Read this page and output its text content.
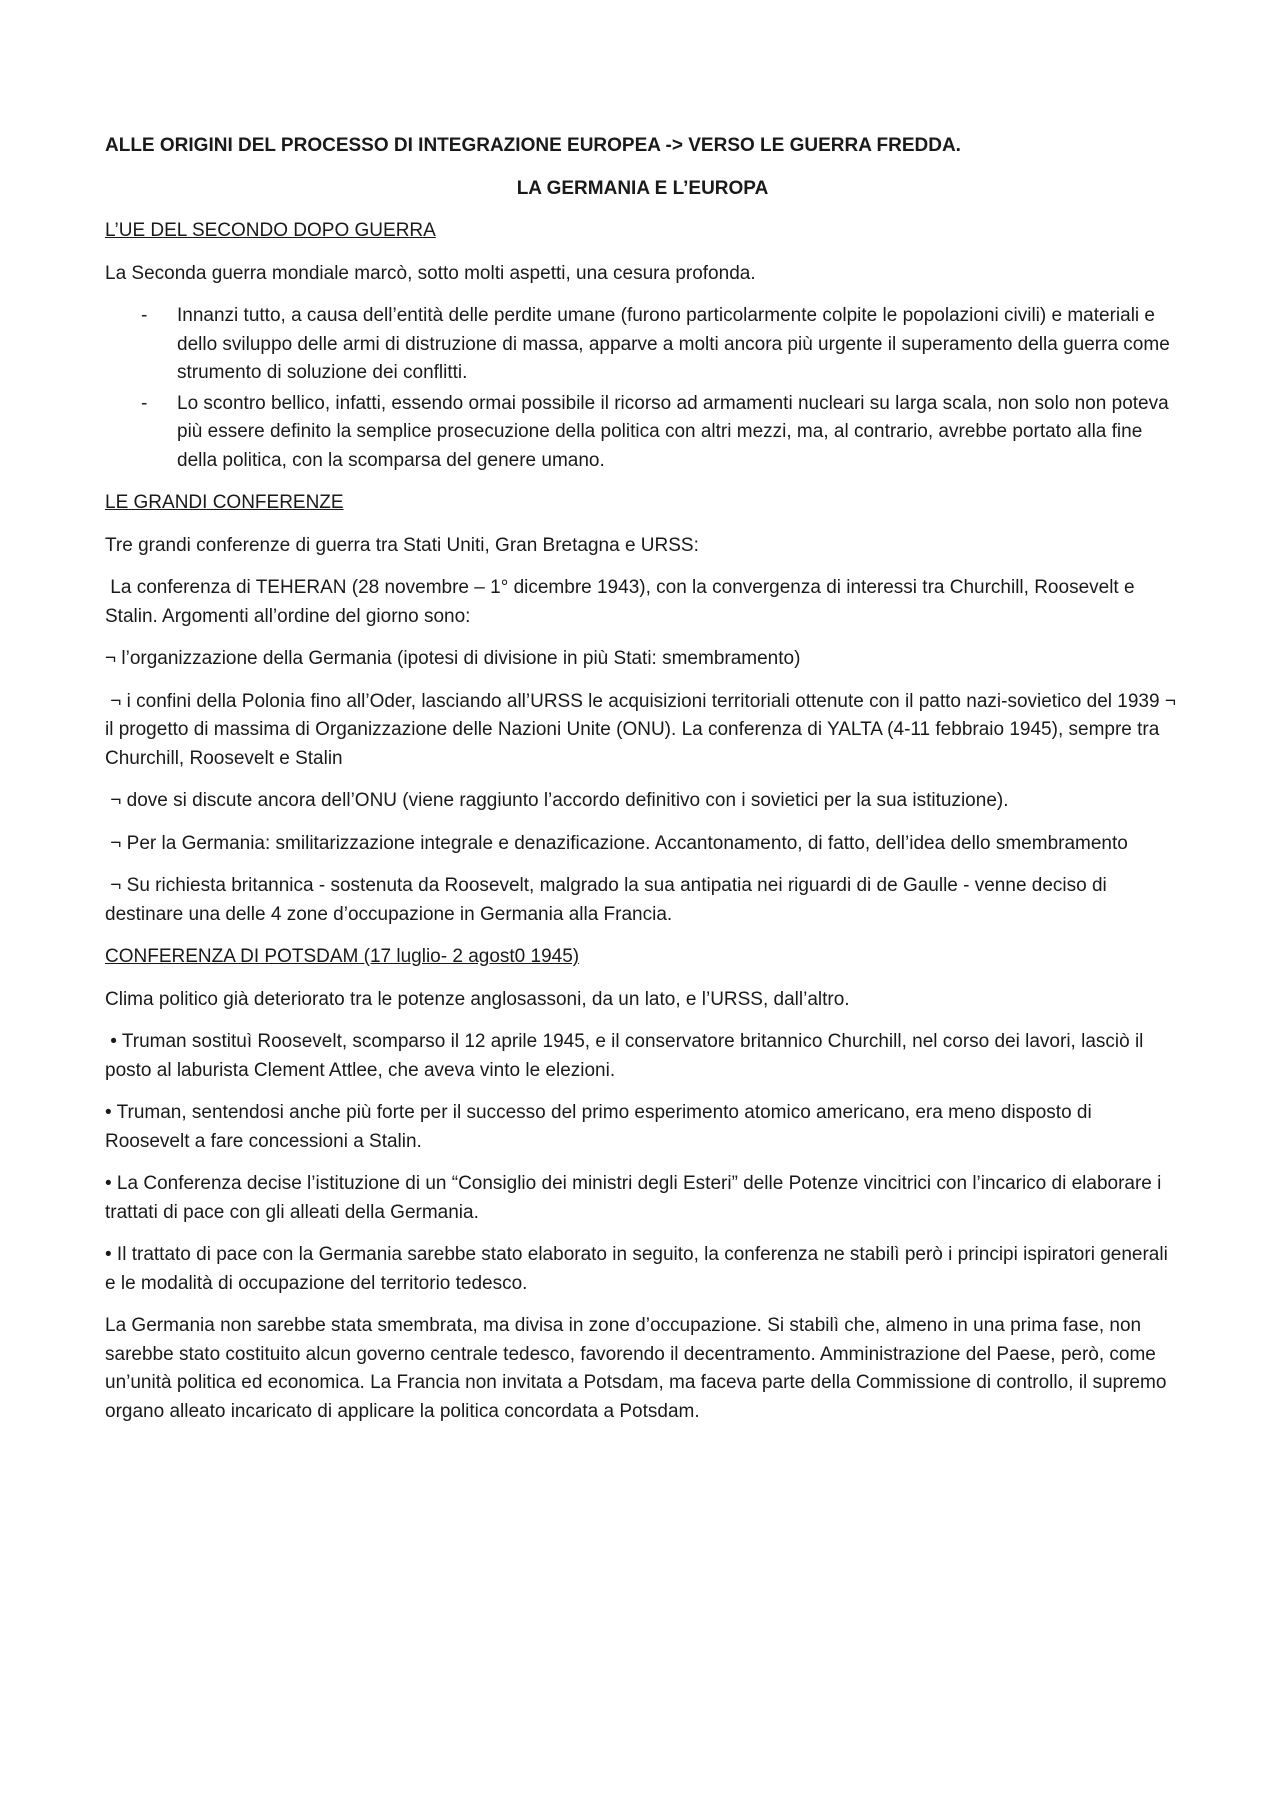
ALLE ORIGINI DEL PROCESSO DI INTEGRAZIONE EUROPEA -> VERSO LE GUERRA FREDDA.

LA GERMANIA E L’EUROPA

L’UE DEL SECONDO DOPO GUERRA

La Seconda guerra mondiale marcò, sotto molti aspetti, una cesura profonda.

- Innanzi tutto, a causa dell’entità delle perdite umane (furono particolarmente colpite le popolazioni civili) e materiali e dello sviluppo delle armi di distruzione di massa, apparve a molti ancora più urgente il superamento della guerra come strumento di soluzione dei conflitti.
- Lo scontro bellico, infatti, essendo ormai possibile il ricorso ad armamenti nucleari su larga scala, non solo non poteva più essere definito la semplice prosecuzione della politica con altri mezzi, ma, al contrario, avrebbe portato alla fine della politica, con la scomparsa del genere umano.

LE GRANDI CONFERENZE

Tre grandi conferenze di guerra tra Stati Uniti, Gran Bretagna e URSS:

La conferenza di TEHERAN (28 novembre – 1° dicembre 1943), con la convergenza di interessi tra Churchill, Roosevelt e Stalin. Argomenti all’ordine del giorno sono:

¬ l’organizzazione della Germania (ipotesi di divisione in più Stati: smembramento)

¬ i confini della Polonia fino all’Oder, lasciando all’URSS le acquisizioni territoriali ottenute con il patto nazi-sovietico del 1939 ¬ il progetto di massima di Organizzazione delle Nazioni Unite (ONU). La conferenza di YALTA (4-11 febbraio 1945), sempre tra Churchill, Roosevelt e Stalin

¬ dove si discute ancora dell’ONU (viene raggiunto l’accordo definitivo con i sovietici per la sua istituzione).

¬ Per la Germania: smilitarizzazione integrale e denazificazione. Accantonamento, di fatto, dell’idea dello smembramento

¬ Su richiesta britannica - sostenuta da Roosevelt, malgrado la sua antipatia nei riguardi di de Gaulle - venne deciso di destinare una delle 4 zone d’occupazione in Germania alla Francia.

CONFERENZA DI POTSDAM (17 luglio- 2 agost0 1945)

Clima politico già deteriorato tra le potenze anglosassoni, da un lato, e l’URSS, dall’altro.

• Truman sostituì Roosevelt, scomparso il 12 aprile 1945, e il conservatore britannico Churchill, nel corso dei lavori, lasciò il posto al laburista Clement Attlee, che aveva vinto le elezioni.

• Truman, sentendosi anche più forte per il successo del primo esperimento atomico americano, era meno disposto di Roosevelt a fare concessioni a Stalin.

• La Conferenza decise l’istituzione di un “Consiglio dei ministri degli Esteri” delle Potenze vincitrici con l’incarico di elaborare i trattati di pace con gli alleati della Germania.

• Il trattato di pace con la Germania sarebbe stato elaborato in seguito, la conferenza ne stabilì però i principi ispiratori generali e le modalità di occupazione del territorio tedesco.

La Germania non sarebbe stata smembrata, ma divisa in zone d’occupazione. Si stabilì che, almeno in una prima fase, non sarebbe stato costituito alcun governo centrale tedesco, favorendo il decentramento. Amministrazione del Paese, però, come un’unità politica ed economica. La Francia non invitata a Potsdam, ma faceva parte della Commissione di controllo, il supremo organo alleato incaricato di applicare la politica concordata a Potsdam.
